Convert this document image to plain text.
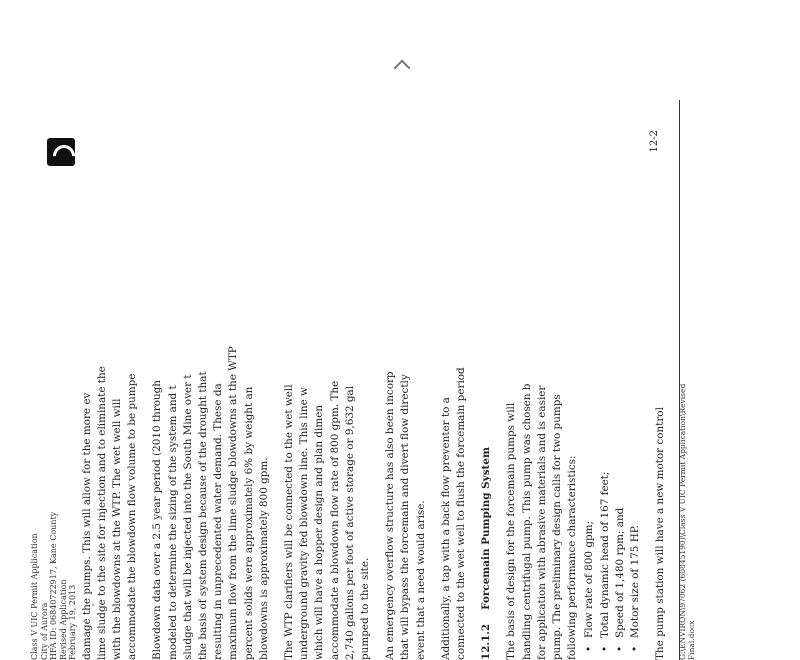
Class V UIC Permit Application City of Aurora HFA ID: 06840722917, Kane County Revised Application February 19, 2013 damage the pumps. This will allow for the more ev lime sludge to the site for injection and to eliminate the with the blowdowns at the WTP. The wet well will accommodate the blowdown flow volume to be pumpe Blowdown data over a 2.5 year period (2010 through modeled to determine the sizing of the system and t sludge that will be injected into the South Mine over t the basis of system design because of the drought that resulting in unprecedented water demand. These da maximum flow from the lime sludge blowdowns at the WTP percent solids were approximately 6% by weight an blowdowns is approximately 800 gpm. The WTP clarifiers will be connected to the wet well underground gravity fed blowdown line. This line w which will have a hopper design and plan dimen accommodate a blowdown flow rate of 800 gpm. The 2,740 gallons per foot of active storage or 9,632 gal pumped to the site. An emergency overflow structure has also been incorp that will bypass the forcemain and divert flow directly event that a need would arise. Additionally, a tap with a back flow preventer to a connected to the wet well to flush the forcemain period 12.1.2Forcemain Pumping System The basis of design for the forcemain pumps will handling centrifugal pump. This pump was chosen b for application with abrasive materials and is easier pump. The preliminary design calls for two pumps following performance characteristics: • Flow rate of 800 gpm; • Total dynamic head of 167 feet; • Speed of 1,480 rpm; and • Motor size of 175 HP. The pump station will have a new motor control
12-2
G:\ENVIRON\97062 (60845190)\Class V UIC Permit Application\Revised Final.docx
